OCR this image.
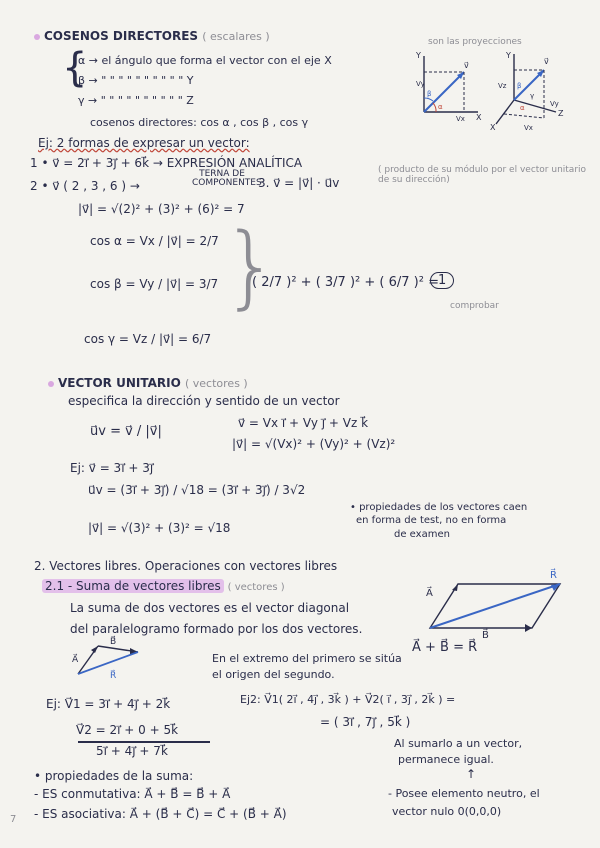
COSENOS DIRECTORES ( escalares )	son las proyecciones
{
α → el ángulo que forma el vector con el eje X
β → " " " " " " " " " " Y
γ → " " " " " " " " " " Z
cosenos directores: cos α , cos β , cos γ
Y
X
Vx
Vy
v⃗
α
β
Y
X
Z
Vx
Vy
Vz
v⃗
α
β
γ
Ej: 2 formas de expresar un vector:
1 • v⃗ = 2i⃗ + 3j⃗ + 6k⃗ → EXPRESIÓN ANALÍTICA
2 • v⃗ ( 2 , 3 , 6 ) →
TERNA DE COMPONENTES
3. v⃗ = |v⃗| · u⃗v
( producto de su módulo por el vector unitario de su dirección)
|v⃗| = √(2)² + (3)² + (6)² = 7
cos α = Vx / |v⃗| = 2/7
cos β = Vy / |v⃗| = 3/7
cos γ = Vz / |v⃗| = 6/7
}
( 2/7 )² + ( 3/7 )² + ( 6/7 )² = 1
comprobar
VECTOR UNITARIO ( vectores )
especifica la dirección y sentido de un vector
u⃗v = v⃗ / |v⃗|
v⃗ = Vx i⃗ + Vy j⃗ + Vz k⃗
|v⃗| = √(Vx)² + (Vy)² + (Vz)²
Ej: v⃗ = 3i⃗ + 3j⃗
u⃗v = (3i⃗ + 3j⃗) / √18 = (3i⃗ + 3j⃗) / 3√2
|v⃗| = √(3)² + (3)² = √18
• propiedades de los vectores caen
en forma de test, no en forma
de examen
2. Vectores libres. Operaciones con vectores libres
2.1 - Suma de vectores libres ( vectores )
A⃗
B⃗
R⃗
A⃗ + B⃗ = R⃗
La suma de dos vectores es el vector diagonal
del paralelogramo formado por los dos vectores.
A⃗
B⃗
R⃗
En el extremo del primero se sitúa
el origen del segundo.
Ej: V⃗1 = 3i⃗ + 4j⃗ + 2k⃗
V⃗2 = 2i⃗ + 0 + 5k⃗
5i⃗ + 4j⃗ + 7k⃗
Ej2: V⃗1( 2i⃗ , 4j⃗ , 3k⃗ ) + V⃗2( i⃗ , 3j⃗ , 2k⃗ ) =
= ( 3i⃗ , 7j⃗ , 5k⃗ )
Al sumarlo a un vector,
permanece igual.
↑
• propiedades de la suma:
- ES conmutativa: A⃗ + B⃗ = B⃗ + A⃗
- ES asociativa: A⃗ + (B⃗ + C⃗) = C⃗ + (B⃗ + A⃗)
- Posee elemento neutro, el
vector nulo 0(0,0,0)
7
